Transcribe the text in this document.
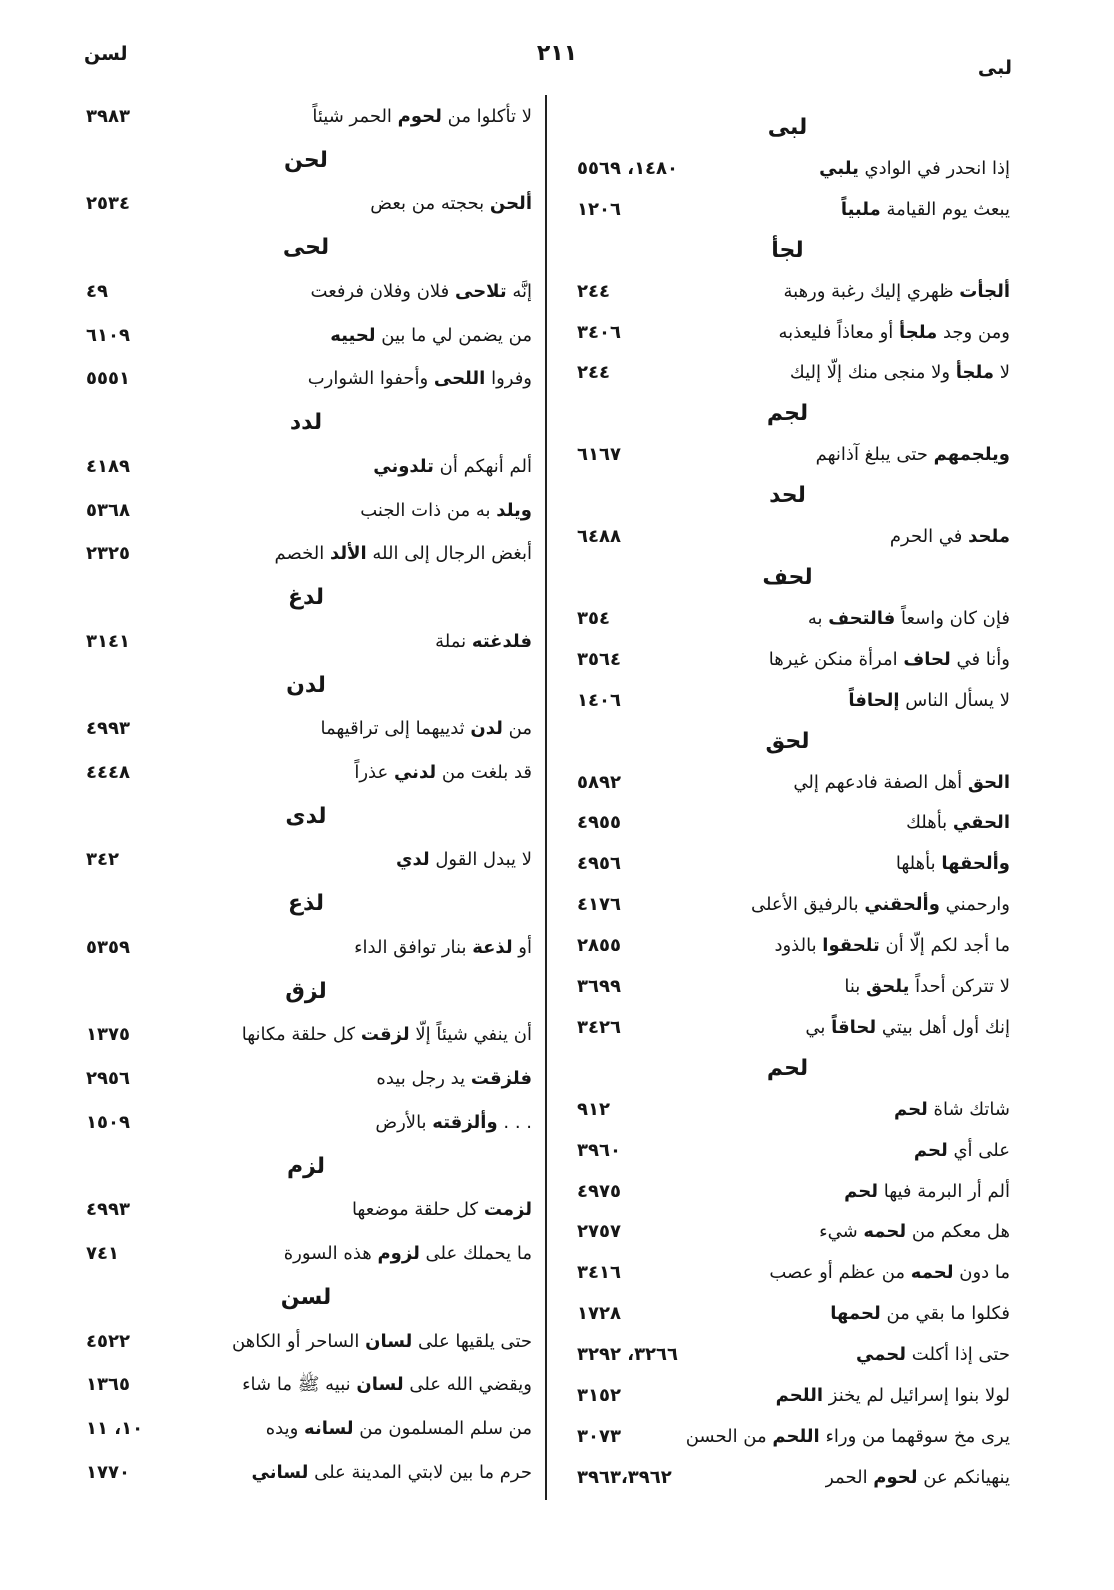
لبى
٢١١
لسن
لبى
إذا انحدر في الوادي يلبي
١٤٨٠، ٥٥٦٩
يبعث يوم القيامة ملبياً
١٢٠٦
لجأ
ألجأت ظهري إليك رغبة ورهبة
٢٤٤
ومن وجد ملجأ أو معاذاً فليعذبه
٣٤٠٦
لا ملجأ ولا منجى منك إلَّا إليك
٢٤٤
لجم
ويلجمهم حتى يبلغ آذانهم
٦١٦٧
لحد
ملحد في الحرم
٦٤٨٨
لحف
فإن كان واسعاً فالتحف به
٣٥٤
وأنا في لحاف امرأة منكن غيرها
٣٥٦٤
لا يسأل الناس إلحافاً
١٤٠٦
لحق
الحق أهل الصفة فادعهم إلي
٥٨٩٢
الحقي بأهلك
٤٩٥٥
وألحقها بأهلها
٤٩٥٦
وارحمني وألحقني بالرفيق الأعلى
٤١٧٦
ما أجد لكم إلَّا أن تلحقوا بالذود
٢٨٥٥
لا تتركن أحداً يلحق بنا
٣٦٩٩
إنك أول أهل بيتي لحاقاً بي
٣٤٢٦
لحم
شاتك شاة لحم
٩١٢
على أي لحم
٣٩٦٠
ألم أر البرمة فيها لحم
٤٩٧٥
هل معكم من لحمه شيء
٢٧٥٧
ما دون لحمه من عظم أو عصب
٣٤١٦
فكلوا ما بقي من لحمها
١٧٢٨
حتى إذا أكلت لحمي
٣٢٦٦، ٣٢٩٢
لولا بنوا إسرائيل لم يخنز اللحم
٣١٥٢
يرى مخ سوقهما من وراء اللحم من الحسن
٣٠٧٣
ينهيانكم عن لحوم الحمر
٣٩٦٣،٣٩٦٢
لا تأكلوا من لحوم الحمر شيئاً
٣٩٨٣
لحن
ألحن بحجته من بعض
٢٥٣٤
لحى
إنَّه تلاحى فلان وفلان فرفعت
٤٩
من يضمن لي ما بين لحييه
٦١٠٩
وفروا اللحى وأحفوا الشوارب
٥٥٥١
لدد
ألم أنهكم أن تلدوني
٤١٨٩
ويلد به من ذات الجنب
٥٣٦٨
أبغض الرجال إلى الله الألد الخصم
٢٣٢٥
لدغ
فلدغته نملة
٣١٤١
لدن
من لدن ثدييهما إلى تراقيهما
٤٩٩٣
قد بلغت من لدني عذراً
٤٤٤٨
لدى
لا يبدل القول لدي
٣٤٢
لذع
أو لذعة بنار توافق الداء
٥٣٥٩
لزق
أن ينفي شيئاً إلَّا لزقت كل حلقة مكانها
١٣٧٥
فلزقت يد رجل بيده
٢٩٥٦
. . . وألزقته بالأرض
١٥٠٩
لزم
لزمت كل حلقة موضعها
٤٩٩٣
ما يحملك على لزوم هذه السورة
٧٤١
لسن
حتى يلقيها على لسان الساحر أو الكاهن
٤٥٢٢
ويقضي الله على لسان نبيه ﷺ ما شاء
١٣٦٥
من سلم المسلمون من لسانه ويده
١٠، ١١
حرم ما بين لابتي المدينة على لساني
١٧٧٠
